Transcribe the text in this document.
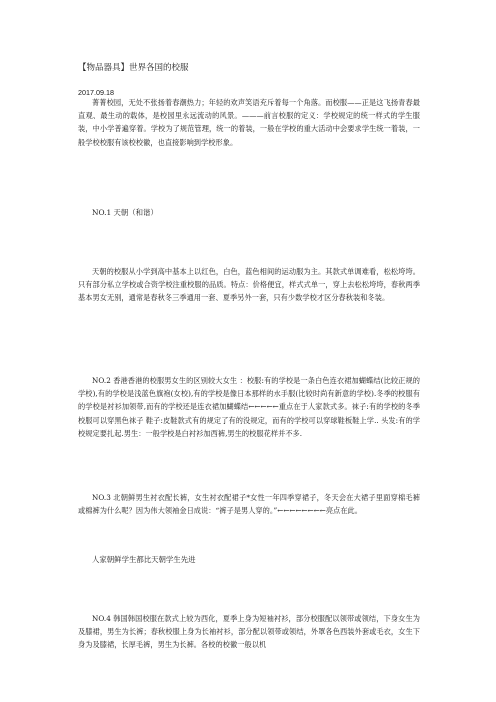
【物品器具】世界各国的校服
2017.09.18
菁菁校园，无处不张扬着春潮热力；年轻的欢声笑语充斥着每一个角落。而校服——正是这飞扬青春最直观、最生动的载体，是校园里永远流动的风景。———前言校服的定义：学校规定的统一样式的学生服装，中小学普遍穿着。学校为了规范管理，统一的着装，一般在学校的重大活动中会要求学生统一着装，一般学校校服有该校校徽，也直接影响到学校形象。
NO.1 天朝（和谐）
天朝的校服从小学到高中基本上以红色，白色，蓝色相间的运动服为主。其款式单调难看，松松垮垮。只有部分私立学校或合资学校注重校服的品质。特点：价格便宜，样式式单一，穿上去松松垮垮，春秋两季基本男女无别，通常是春秋冬三季通用一套、夏季另外一套，只有少数学校才区分春秋装和冬装。
NO.2 香港香港的校服男女生的区别较大女生 ：校服:有的学校是一条白色连衣裙加蝴蝶结(比较正规的学校),有的学校是浅蓝色旗袍(女校),有的学校是像日本那样的水手服(比较时尚有新意的学校).冬季的校服有的学校是衬衫加领带,而有的学校还是连衣裙加蝴蝶结←←←←←重点在于人家款式多。袜子:有的学校的冬季校服可以穿黑色袜子 鞋子:皮鞋款式有的规定了有的没规定，而有的学校可以穿球鞋板鞋上学.. 头发:有的学校规定要扎起.男生：一般学校是白衬衫加西裤,男生的校服花样并不多.
NO.3 北朝鲜男生衬衣配长裤，女生衬衣配裙子*女性一年四季穿裙子，冬天会在大裙子里面穿棉毛裤或棉裤为什么呢？因为伟大领袖金日成说：“裤子是男人穿的。”←←←←←←←←亮点在此。
人家朝鲜学生都比天朝学生先进
NO.4 韩国韩国校服在款式上较为西化，夏季上身为短袖衬衫，部分校服配以领带或领结，下身女生为及膝裙，男生为长裤；春秋校服上身为长袖衬衫，部分配以领带或领结，外罩各色西装外套或毛衣，女生下身为及膝裙，长厚毛裤，男生为长裤。各校的校徽一般以机
